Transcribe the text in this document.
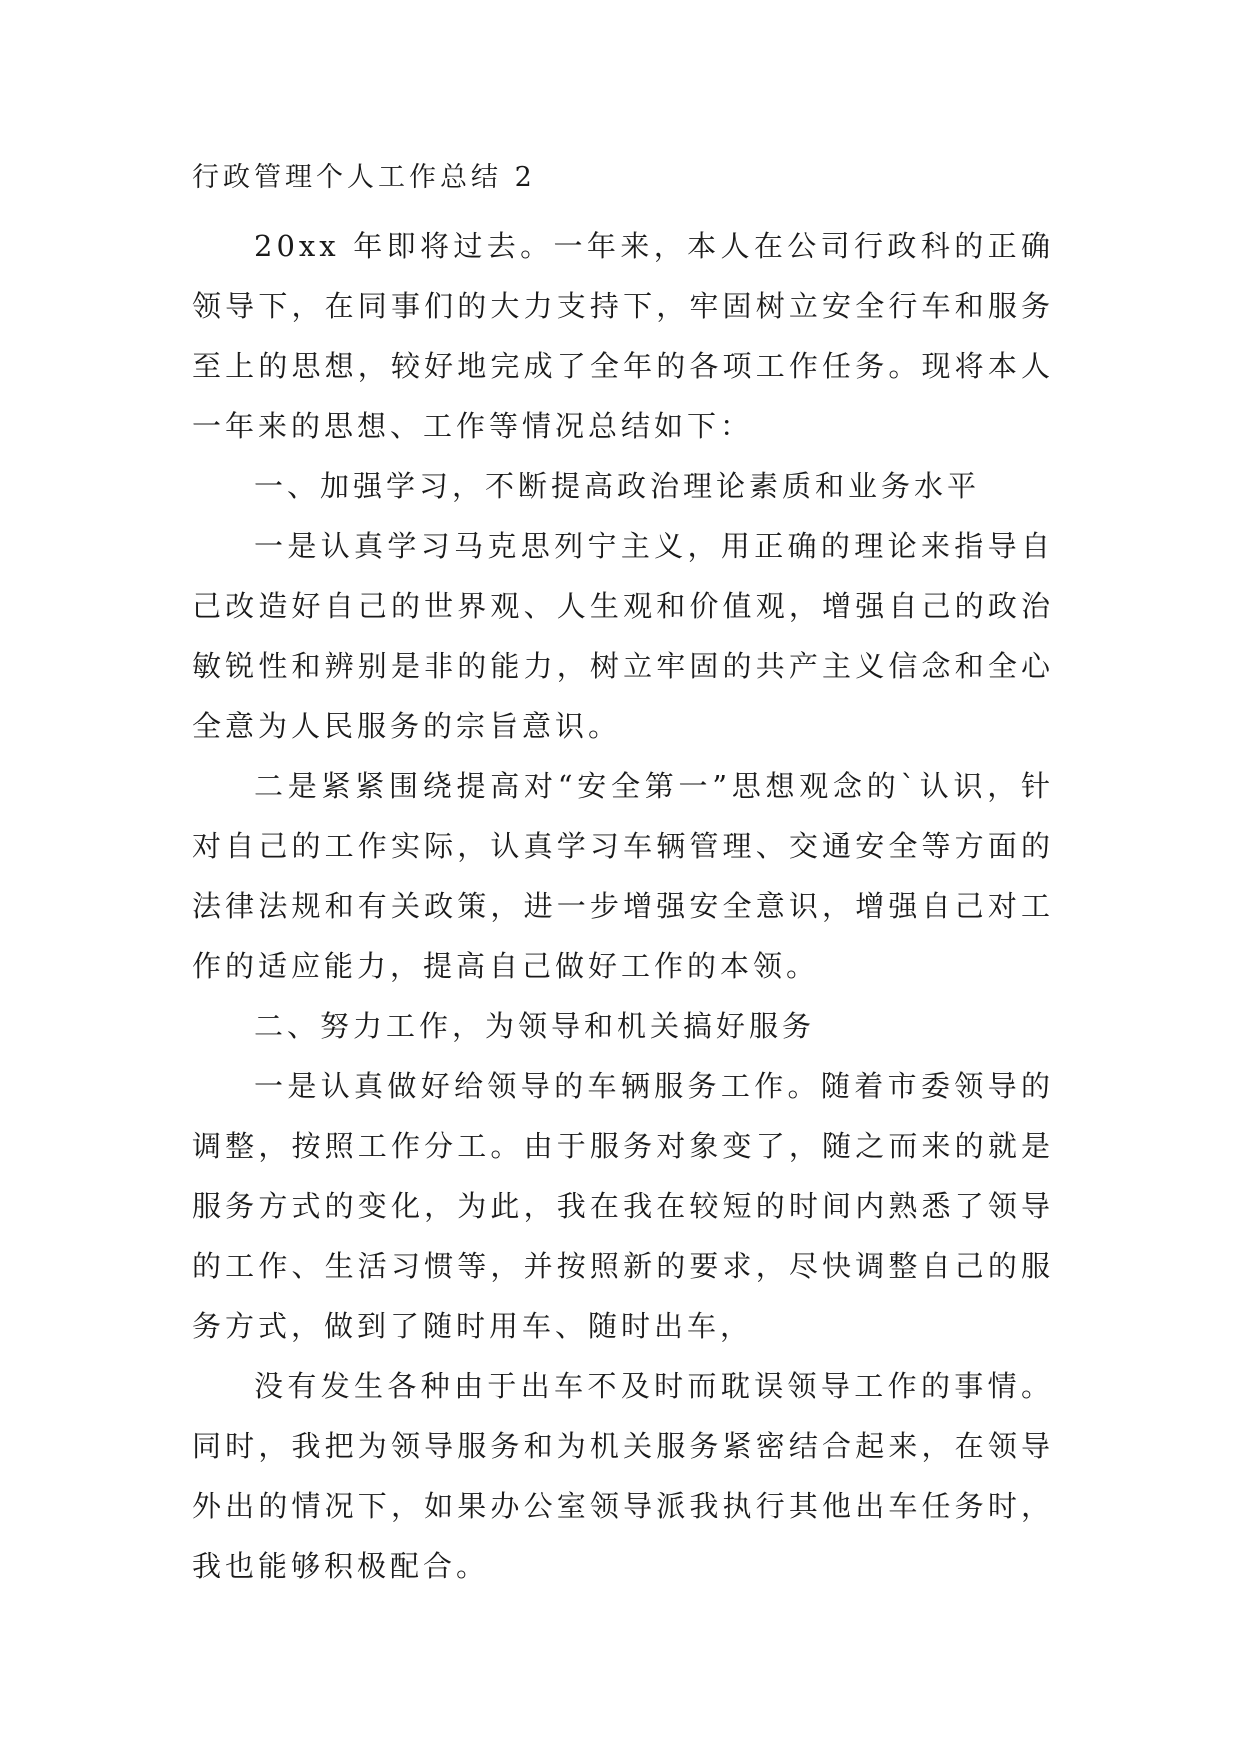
行政管理个人工作总结 2

20xx 年即将过去。一年来，本人在公司行政科的正确领导下，在同事们的大力支持下，牢固树立安全行车和服务至上的思想，较好地完成了全年的各项工作任务。现将本人一年来的思想、工作等情况总结如下：

一、加强学习，不断提高政治理论素质和业务水平

一是认真学习马克思列宁主义，用正确的理论来指导自己改造好自己的世界观、人生观和价值观，增强自己的政治敏锐性和辨别是非的能力，树立牢固的共产主义信念和全心全意为人民服务的宗旨意识。

二是紧紧围绕提高对“安全第一”思想观念的`认识，针对自己的工作实际，认真学习车辆管理、交通安全等方面的法律法规和有关政策，进一步增强安全意识，增强自己对工作的适应能力，提高自己做好工作的本领。

二、努力工作，为领导和机关搞好服务

一是认真做好给领导的车辆服务工作。随着市委领导的调整，按照工作分工。由于服务对象变了，随之而来的就是服务方式的变化，为此，我在我在较短的时间内熟悉了领导的工作、生活习惯等，并按照新的要求，尽快调整自己的服务方式，做到了随时用车、随时出车，

没有发生各种由于出车不及时而耽误领导工作的事情。同时，我把为领导服务和为机关服务紧密结合起来，在领导外出的情况下，如果办公室领导派我执行其他出车任务时，我也能够积极配合。
